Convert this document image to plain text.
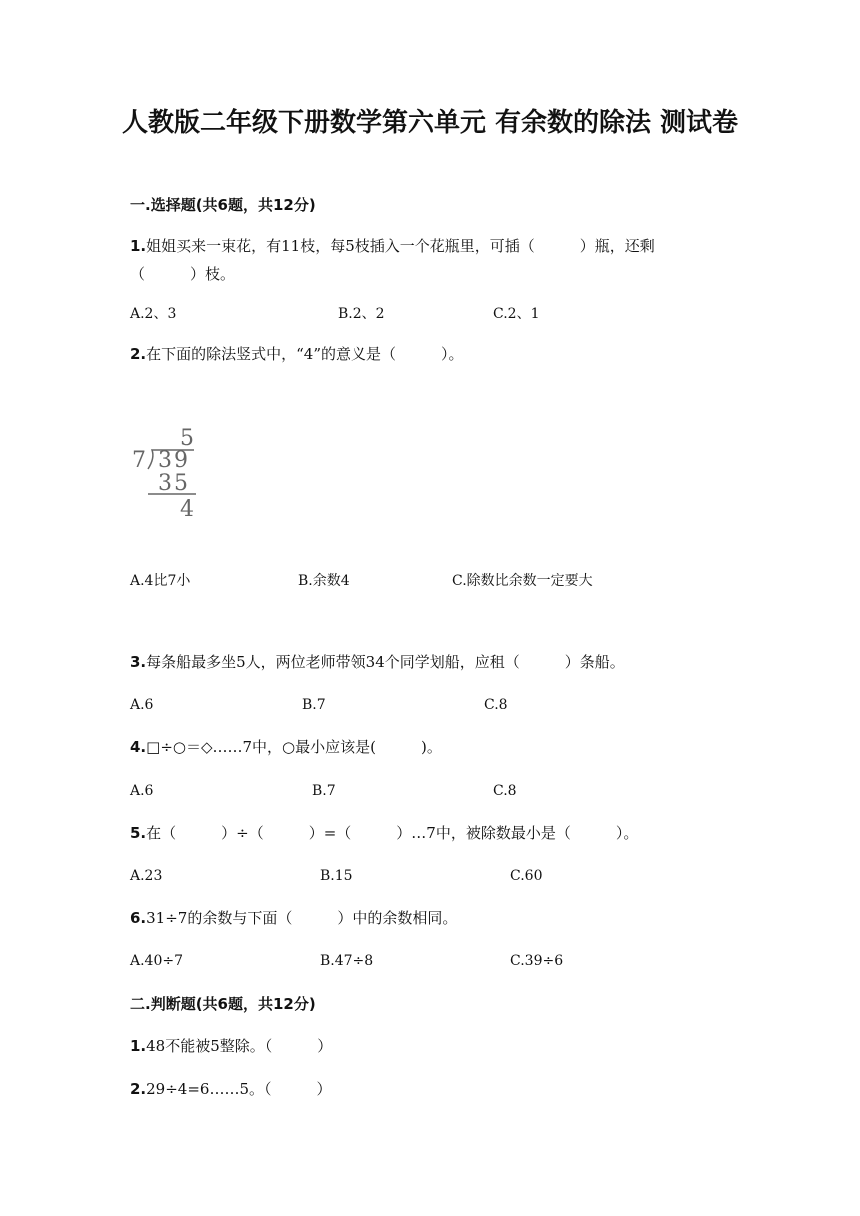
人教版二年级下册数学第六单元 有余数的除法 测试卷
一.选择题(共6题，共12分)
1.姐姐买来一束花，有11枝，每5枝插入一个花瓶里，可插（　　　）瓶，还剩（　　　）枝。
A.2、3	B.2、2	C.2、1
2.在下面的除法竖式中，“4”的意义是（　　　）。
5
7 39
35
4
A.4比7小	B.余数4	C.除数比余数一定要大
3.每条船最多坐5人，两位老师带领34个同学划船，应租（　　　）条船。
A.6	B.7	C.8
4.□÷○＝◇……7中，○最小应该是(　　　)。
A.6	B.7	C.8
5.在（　　　）÷（　　　）=（　　　）…7中，被除数最小是（　　　）。
A.23	B.15	C.60
6.31÷7的余数与下面（　　　）中的余数相同。
A.40÷7	B.47÷8	C.39÷6
二.判断题(共6题，共12分)
1.48不能被5整除。（　　　）
2.29÷4=6……5。（　　　）
